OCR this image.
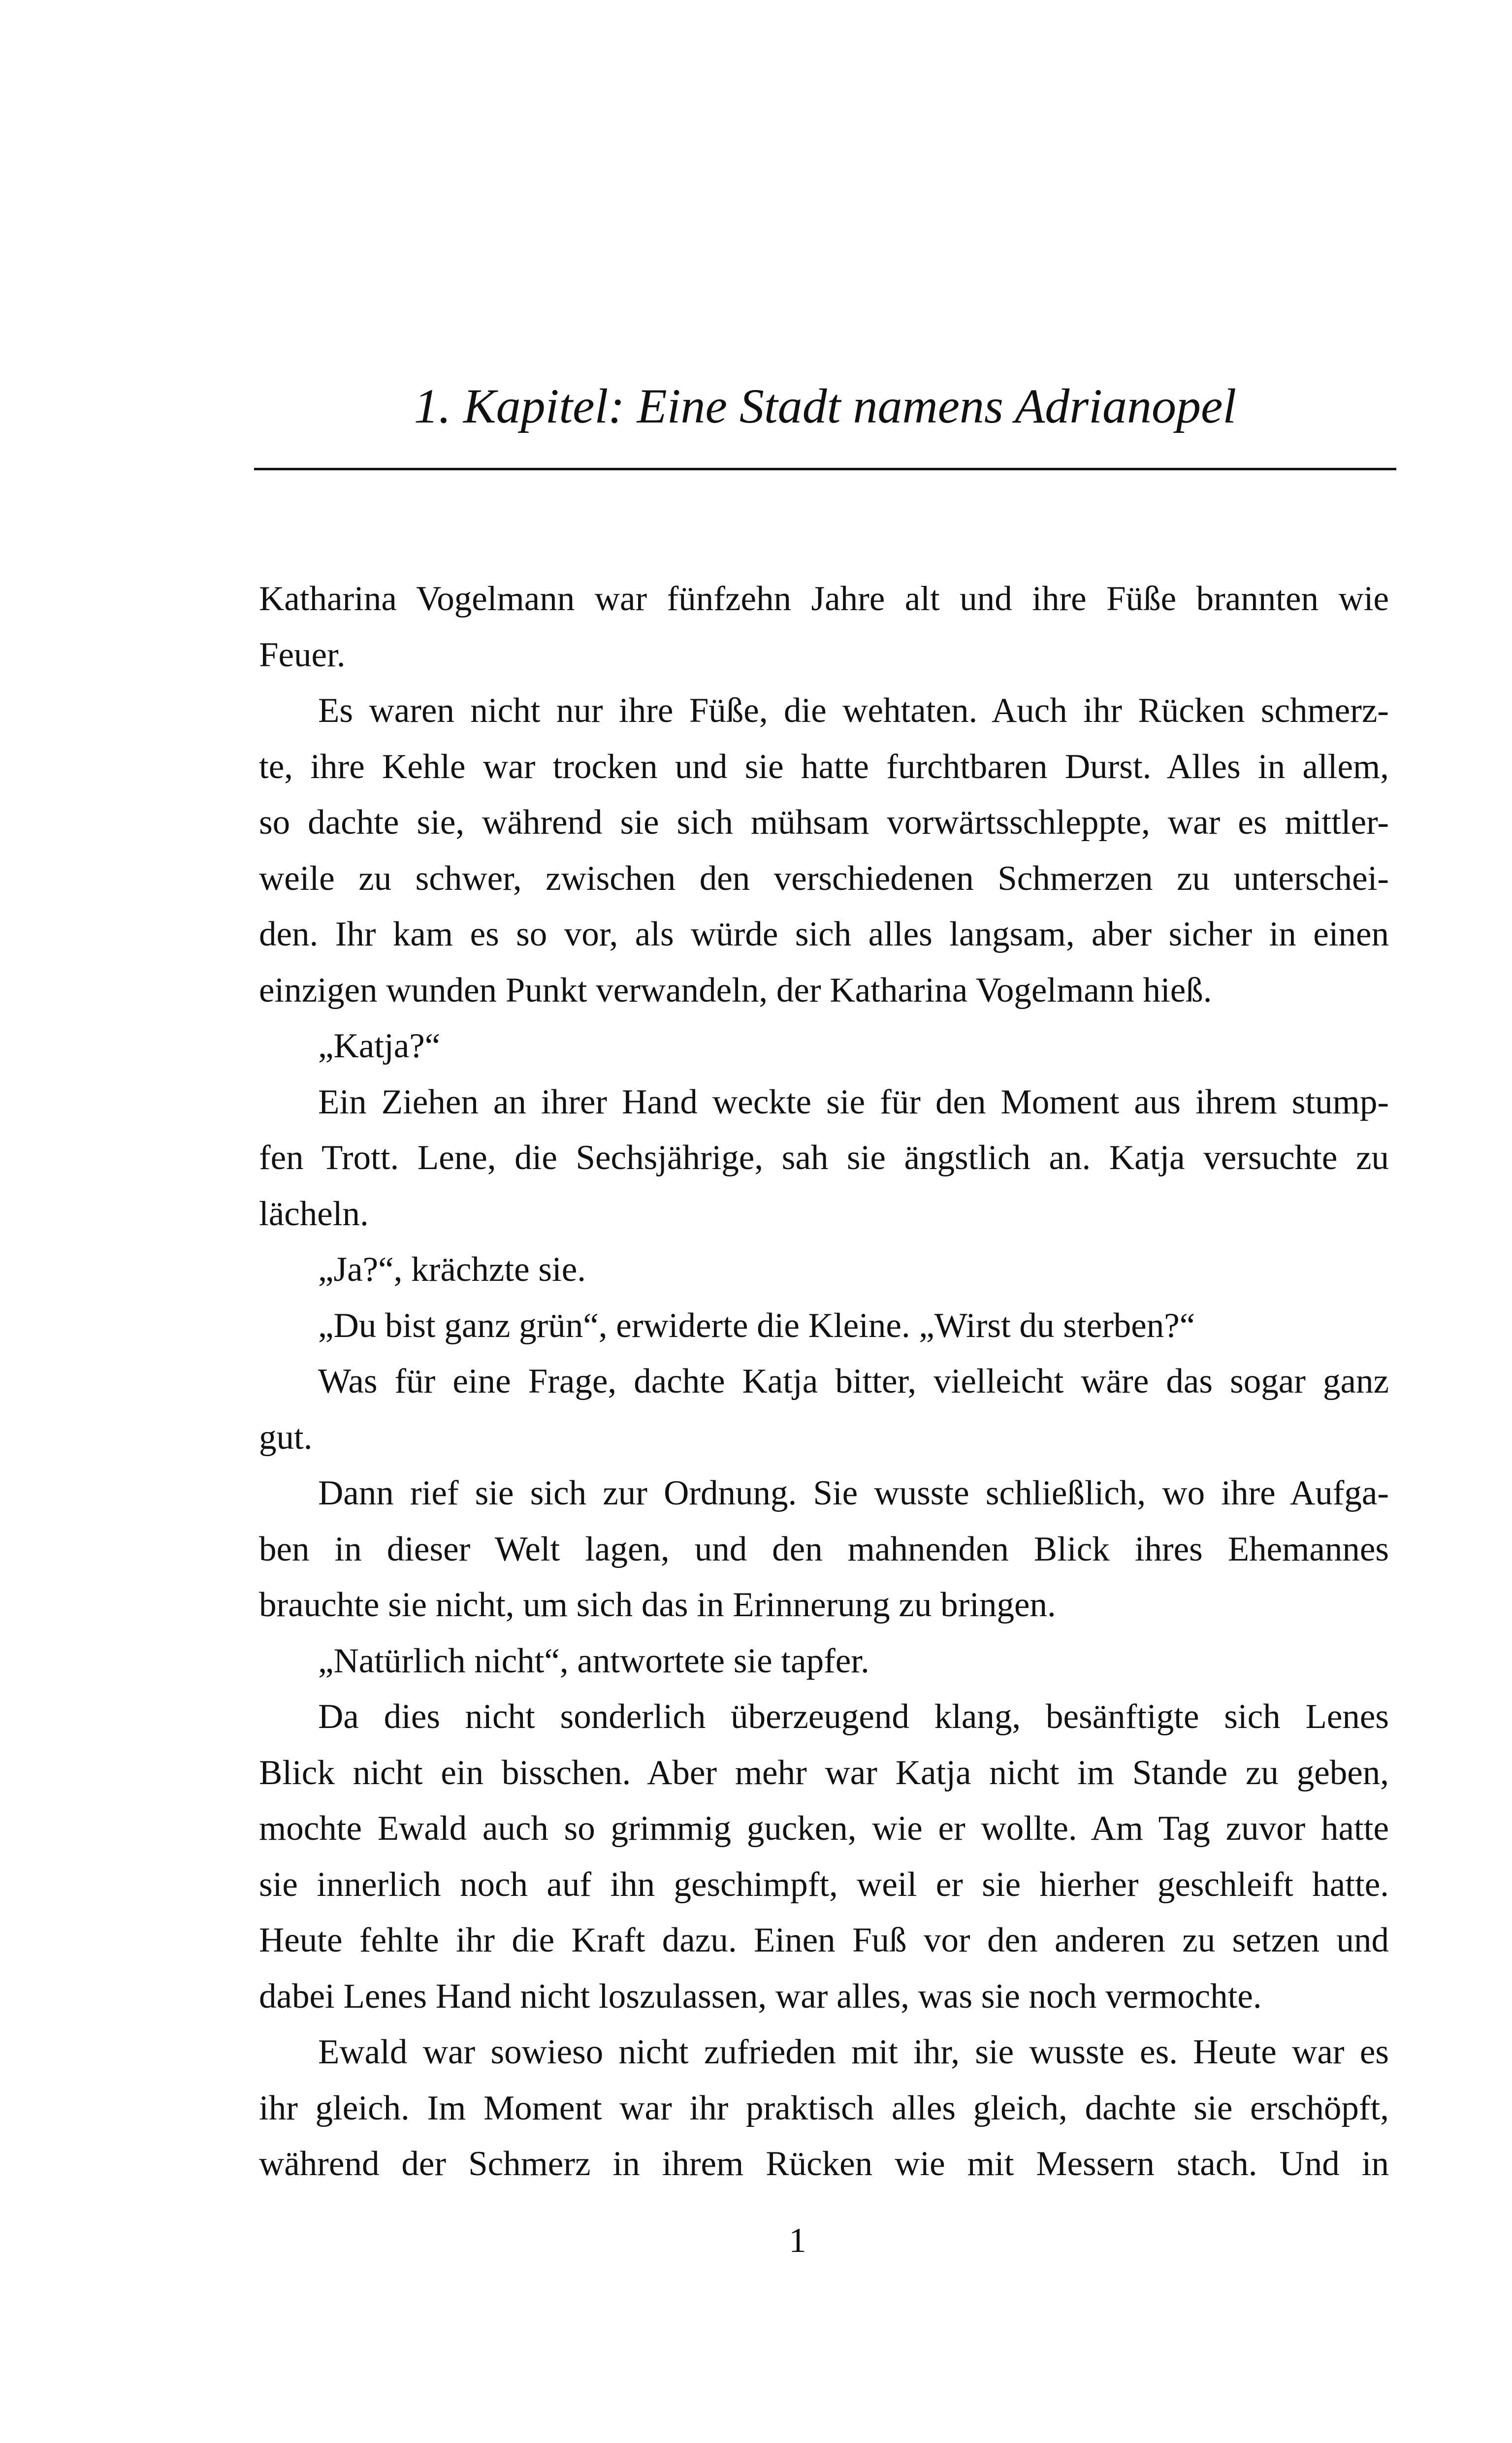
1. Kapitel: Eine Stadt namens Adrianopel
Katharina Vogelmann war fünfzehn Jahre alt und ihre Füße brannten wie
Feuer.
Es waren nicht nur ihre Füße, die wehtaten. Auch ihr Rücken schmerz-
te, ihre Kehle war trocken und sie hatte furchtbaren Durst. Alles in allem,
so dachte sie, während sie sich mühsam vorwärtsschleppte, war es mittler-
weile zu schwer, zwischen den verschiedenen Schmerzen zu unterschei-
den. Ihr kam es so vor, als würde sich alles langsam, aber sicher in einen
einzigen wunden Punkt verwandeln, der Katharina Vogelmann hieß.
„Katja?“
Ein Ziehen an ihrer Hand weckte sie für den Moment aus ihrem stump-
fen Trott. Lene, die Sechsjährige, sah sie ängstlich an. Katja versuchte zu
lächeln.
„Ja?“, krächzte sie.
„Du bist ganz grün“, erwiderte die Kleine. „Wirst du sterben?“
Was für eine Frage, dachte Katja bitter, vielleicht wäre das sogar ganz
gut.
Dann rief sie sich zur Ordnung. Sie wusste schließlich, wo ihre Aufga-
ben in dieser Welt lagen, und den mahnenden Blick ihres Ehemannes
brauchte sie nicht, um sich das in Erinnerung zu bringen.
„Natürlich nicht“, antwortete sie tapfer.
Da dies nicht sonderlich überzeugend klang, besänftigte sich Lenes
Blick nicht ein bisschen. Aber mehr war Katja nicht im Stande zu geben,
mochte Ewald auch so grimmig gucken, wie er wollte. Am Tag zuvor hatte
sie innerlich noch auf ihn geschimpft, weil er sie hierher geschleift hatte.
Heute fehlte ihr die Kraft dazu. Einen Fuß vor den anderen zu setzen und
dabei Lenes Hand nicht loszulassen, war alles, was sie noch vermochte.
Ewald war sowieso nicht zufrieden mit ihr, sie wusste es. Heute war es
ihr gleich. Im Moment war ihr praktisch alles gleich, dachte sie erschöpft,
während der Schmerz in ihrem Rücken wie mit Messern stach. Und in
1
